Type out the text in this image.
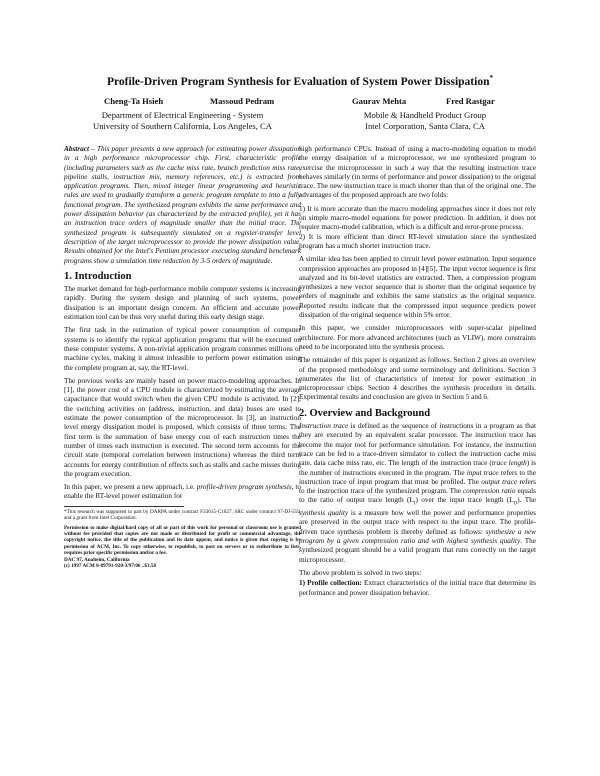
Profile-Driven Program Synthesis for Evaluation of System Power Dissipation*
Cheng-Ta Hsieh	Massoud Pedram	Gaurav Mehta	Fred Rastgar
Department of Electrical Engineering - System
University of Southern California, Los Angeles, CA
Mobile & Handheld Product Group
Intel Corporation, Santa Clara, CA

Abstract – This paper presents a new approach for estimating power dissipation in a high performance microprocessor chip. First, characteristic profile (including parameters such as the cache miss rate, branch prediction miss rate, pipeline stalls, instruction mix, memory references, etc.) is extracted from application programs. Then, mixed integer linear programming and heuristic rules are used to gradually transform a generic program template to into a fully functional program. The synthesized program exhibits the same performance and power dissipation behavior (as characterized by the extracted profile), yet it has an instruction trace orders of magnitude smaller than the initial trace. The synthesized program is subsequently simulated on a register-transfer level description of the target microprocessor to provide the power dissipation value. Results obtained for the Intel's Pentium processor executing standard benchmark programs show a simulation time reduction by 3-5 orders of magnitude.

1. Introduction

The market demand for high-performance mobile computer systems is increasing rapidly. During the system design and planning of such systems, power dissipation is an important design concern. An efficient and accurate power estimation tool can be thus very useful during this early design stage.

The first task in the estimation of typical power consumption of computer systems is to identify the typical application programs that will be executed on these computer systems. A non-trivial application program consumes millions of machine cycles, making it almost infeasible to perform power estimation using the complete program at, say, the RT-level.

The previous works are mainly based on power macro-modeling approaches. In [1], the power cost of a CPU module is characterized by estimating the average capacitance that would switch when the given CPU module is activated. In [2], the switching activities on (address, instruction, and data) buses are used to estimate the power consumption of the microprocessor. In [3], an instruction level energy dissipation model is proposed, which consists of three terms: The first term is the summation of base energy cost of each instruction times the number of times each instruction is executed. The second term accounts for the circuit state (temporal correlation between instructions) whereas the third term accounts for energy contribution of effects such as stalls and cache misses during the program execution.

In this paper, we present a new approach, i.e. profile-driven program synthesis, to enable the RT-level power estimation for

*This research was supported in part by DARPA under contract F33615-C1627, SRC under contract 97-DJ-559, and a grant from Intel Corporation.

Permission to make digital/hard copy of all or part of this work for personal or classroom use is granted without fee provided that copies are not made or distributed for profit or commercial advantage, the copyright notice, the title of the publication and its date appear, and notice is given that copying is by permission of ACM, Inc. To copy otherwise, to republish, to post on servers or to redistribute to lists, requires prior specific permission and/or a fee.

DAC 97, Anaheim, California
(c) 1997 ACM 0-89791-920-3/97/06 ..$3.50

high performance CPUs. Instead of using a macro-modeling equation to model the energy dissipation of a microprocessor, we use synthesized program to exercise the microprocessor in such a way that the resulting instruction trace behaves similarly (in terms of performance and power dissipation) to the original trace. The new instruction trace is much shorter than that of the original one. The advantages of the proposed approach are two folds:

1) It is more accurate than the macro modeling approaches since it does not rely on simple macro-model equations for power prediction. In addition, it does not require macro-model calibration, which is a difficult and error-prone process.

2) It is more efficient than direct RT-level simulation since the synthesized program has a much shorter instruction trace.

A similar idea has been applied to circuit level power estimation. Input sequence compression approaches are proposed in [4][5]. The input vector sequence is first analyzed and its bit-level statistics are extracted. Then, a compression program synthesizes a new vector sequence that is shorter than the original sequence by orders of magnitude and exhibits the same statistics as the original sequence. Reported results indicate that the compressed input sequence predicts power dissipation of the original sequence within 5% error.

In this paper, we consider microprocessors with super-scalar pipelined architecture. For more advanced architectures (such as VLIW), more constraints need to be incorporated into the synthesis process.

The remainder of this paper is organized as follows. Section 2 gives an overview of the proposed methodology and some terminology and definitions. Section 3 enumerates the list of characteristics of interest for power estimation in microprocessor chips. Section 4 describes the synthesis procedure in details. Experimental results and conclusion are given in Section 5 and 6.

2. Overview and Background

Instruction trace is defined as the sequence of instructions in a program as that they are executed by an equivalent scalar processor. The instruction trace has become the major tool for performance simulation. For instance, the instruction trace can be fed to a trace-driven simulator to collect the instruction cache miss rate, data cache miss rate, etc. The length of the instruction trace (trace length) is the number of instructions executed in the program. The input trace refers to the instruction trace of input program that must be profiled. The output trace refers to the instruction trace of the synthesized program. The compression ratio equals to the ratio of output trace length $(L_I)$ over the input trace length $(L_O)$. The synthesis quality is a measure how well the power and performance properties are preserved in the output trace with respect to the input trace. The profile-driven trace synthesis problem is thereby defined as follows: synthesize a new program by a given compression ratio and with highest synthesis quality. The synthesized program should be a valid program that runs correctly on the target microprocessor.

The above problem is solved in two steps:

1) Profile collection: Extract characteristics of the initial trace that determine its performance and power dissipation behavior.
